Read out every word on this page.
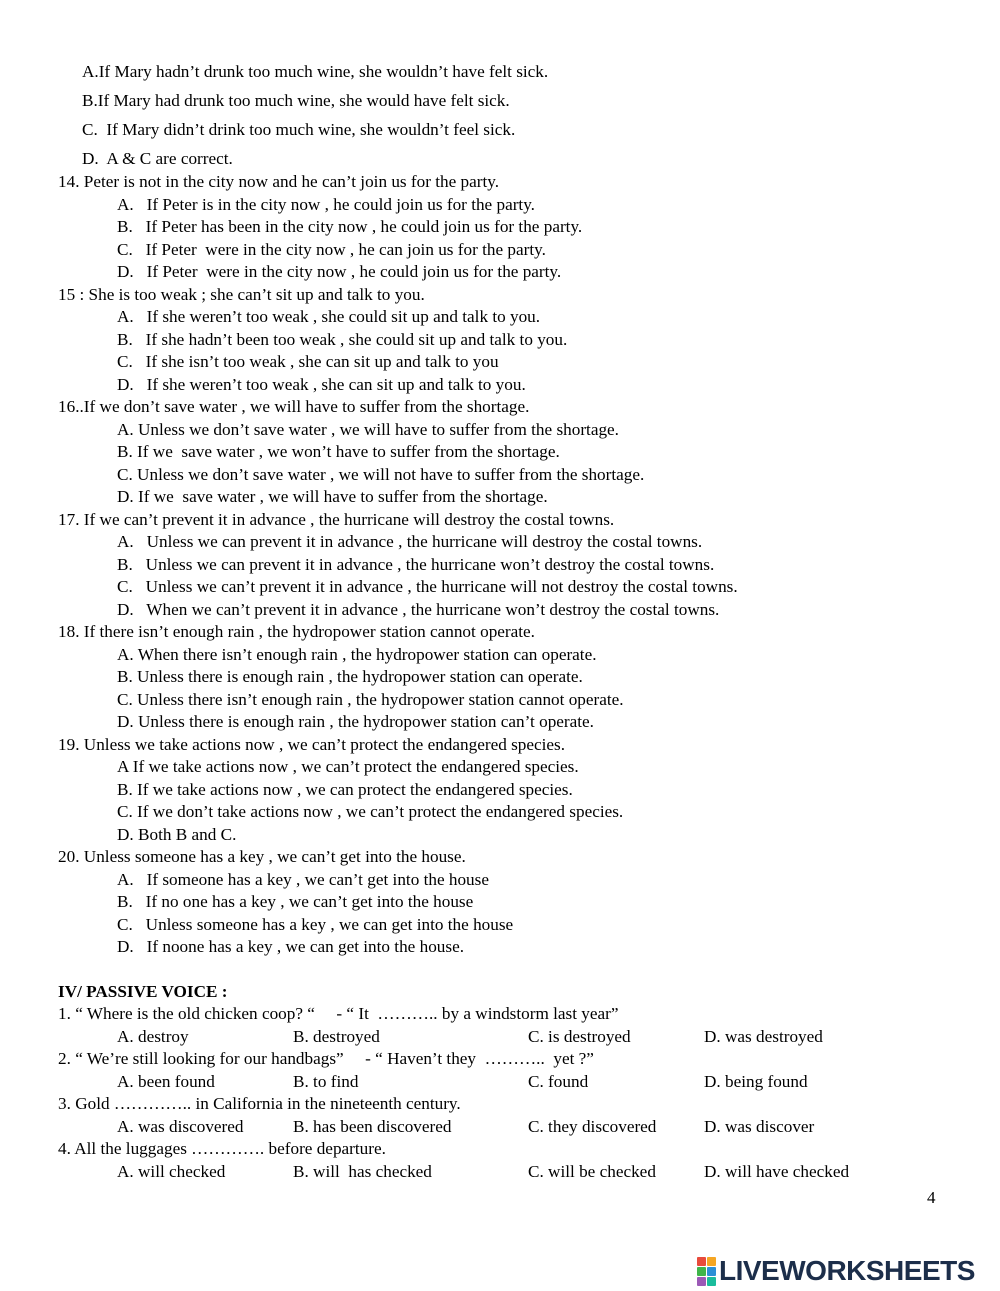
A.If Mary hadn’t drunk too much wine, she wouldn’t have felt sick.
B.If Mary had drunk too much wine, she would have felt sick.
C.  If Mary didn’t drink too much wine, she wouldn’t feel sick.
D.  A & C are correct.
14. Peter is not in the city now and he can’t join us for the party.
A.   If Peter is in the city now , he could join us for the party.
B.   If Peter has been in the city now , he could join us for the party.
C.   If Peter  were in the city now , he can join us for the party.
D.   If Peter  were in the city now , he could join us for the party.
15 : She is too weak ; she can’t sit up and talk to you.
A.   If she weren’t too weak , she could sit up and talk to you.
B.   If she hadn’t been too weak , she could sit up and talk to you.
C.   If she isn’t too weak , she can sit up and talk to you
D.   If she weren’t too weak , she can sit up and talk to you.
16..If we don’t save water , we will have to suffer from the shortage.
A. Unless we don’t save water , we will have to suffer from the shortage.
B. If we  save water , we won’t have to suffer from the shortage.
C. Unless we don’t save water , we will not have to suffer from the shortage.
D. If we  save water , we will have to suffer from the shortage.
17. If we can’t prevent it in advance , the hurricane will destroy the costal towns.
A.   Unless we can prevent it in advance , the hurricane will destroy the costal towns.
B.   Unless we can prevent it in advance , the hurricane won’t destroy the costal towns.
C.   Unless we can’t prevent it in advance , the hurricane will not destroy the costal towns.
D.   When we can’t prevent it in advance , the hurricane won’t destroy the costal towns.
18. If there isn’t enough rain , the hydropower station cannot operate.
A. When there isn’t enough rain , the hydropower station can operate.
B. Unless there is enough rain , the hydropower station can operate.
C. Unless there isn’t enough rain , the hydropower station cannot operate.
D. Unless there is enough rain , the hydropower station can’t operate.
19. Unless we take actions now , we can’t protect the endangered species.
A If we take actions now , we can’t protect the endangered species.
B. If we take actions now , we can protect the endangered species.
C. If we don’t take actions now , we can’t protect the endangered species.
D. Both B and C.
20. Unless someone has a key , we can’t get into the house.
A.   If someone has a key , we can’t get into the house
B.   If no one has a key , we can’t get into the house
C.   Unless someone has a key , we can get into the house
D.   If noone has a key , we can get into the house.
IV/ PASSIVE VOICE :
1. “ Where is the old chicken coop? “     - “ It  ……….. by a windstorm last year”
A. destroy	B. destroyed	C. is destroyed	D. was destroyed
2. “ We’re still looking for our handbags”     - “ Haven’t they  ………..  yet ?”
A. been found	B. to find	C. found	D. being found
3. Gold ………….. in California in the nineteenth century.
A. was discovered	B. has been discovered	C. they discovered	D. was discover
4. All the luggages …………. before departure.
A. will checked	B. will  has checked	C. will be checked	D. will have checked
4
LIVEWORKSHEETS
